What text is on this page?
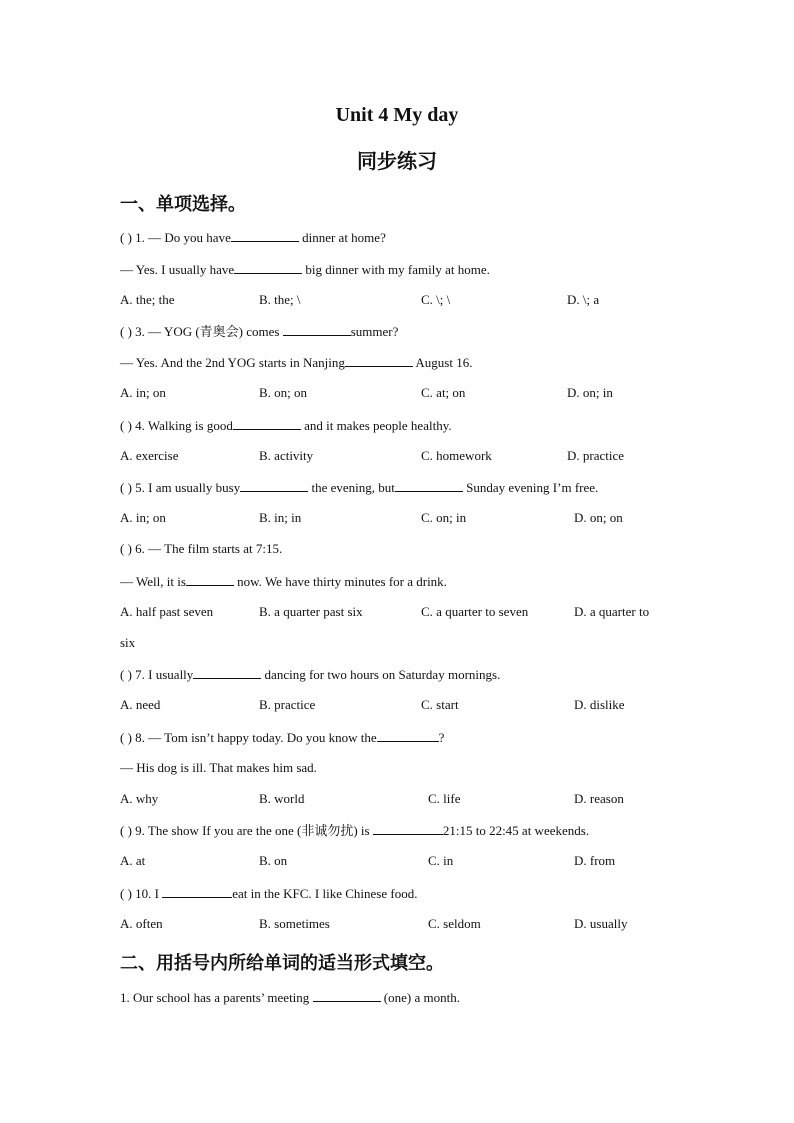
Unit 4 My day
同步练习
一、单项选择。
( ) 1. — Do you have	dinner at home?
— Yes. I usually have	big dinner with my family at home.
A. the; the	B. the; \	C. \; \	D. \; a
( ) 3. — YOG (青奥会) comes	summer?
— Yes. And the 2nd YOG starts in Nanjing	August 16.
A. in; on	B. on; on	C. at; on	D. on; in
( ) 4. Walking is good	and it makes people healthy.
A. exercise	B. activity	C. homework	D. practice
( ) 5. I am usually busy	the evening, but	Sunday evening I’m free.
A. in; on	B. in; in	C. on; in	D. on; on
( ) 6. — The film starts at 7:15.
— Well, it is	now. We have thirty minutes for a drink.
A. half past seven	B. a quarter past six	C. a quarter to seven	D. a quarter to
six
( ) 7. I usually	dancing for two hours on Saturday mornings.
A. need	B. practice	C. start	D. dislike
( ) 8. — Tom isn’t happy today. Do you know the	?
— His dog is ill. That makes him sad.
A. why	B. world	C. life	D. reason
( ) 9. The show If you are the one (非诚勿扰) is	21:15 to 22:45 at weekends.
A. at	B. on	C. in	D. from
( ) 10. I	eat in the KFC. I like Chinese food.
A. often	B. sometimes	C. seldom	D. usually
二、用括号内所给单词的适当形式填空。
1. Our school has a parents’ meeting	(one) a month.
